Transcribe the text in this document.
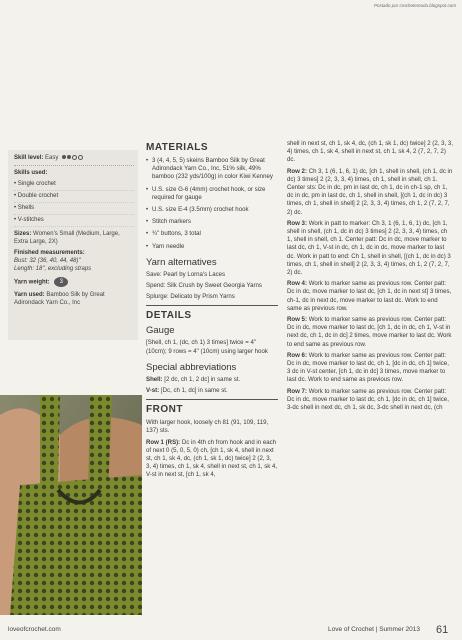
Postado por crochetemoda.blogspot.com
Skill level: Easy
Skills used:
• Single crochet
• Double crochet
• Shells
• V-stitches
Sizes: Women's Small (Medium, Large, Extra Large, 2X)
Finished measurements:
Bust: 32 (36, 40, 44, 48)"
Length: 18", excluding straps
Yarn weight: 3
Yarn used: Bamboo Silk by Great Adirondack Yarn Co., Inc
MATERIALS
• 3 (4, 4, 5, 5) skeins Bamboo Silk by Great Adirondack Yarn Co., Inc, 51% silk, 49% bamboo (232 yds/100g) in color Kiwi Kenney
• U.S. size G-6 (4mm) crochet hook, or size required for gauge
• U.S. size E-4 (3.5mm) crochet hook
• Stitch markers
• ¾" buttons, 3 total
• Yarn needle
Yarn alternatives
Save: Pearl by Lorna's Laces
Spend: Silk Crush by Sweet Georgia Yarns
Splurge: Delicato by Prism Yarns
DETAILS
Gauge
[Shell, ch 1, (dc, ch 1) 3 times] twice = 4" (10cm); 9 rows = 4" (10cm) using larger hook
Special abbreviations
Shell: [2 dc, ch 1, 2 dc] in same st.
V-st: [Dc, ch 1, dc] in same st.
FRONT
With larger hook, loosely ch 81 (91, 109, 119, 137) sts.
Row 1 (RS): Dc in 4th ch from hook and in each of next 0 (5, 0, 5, 0) ch, [ch 1, sk 4, shell in next st, ch 1, sk 4, dc, (ch 1, sk 1, dc) twice] 2 (2, 3, 3, 4) times, ch 1, sk 4, shell in next st, ch 1, sk 4, V-st in next st, [ch 1, sk 4,
shell in next st, ch 1, sk 4, dc, (ch 1, sk 1, dc) twice] 2 (2, 3, 3, 4) times, ch 1, sk 4, shell in next st, ch 1, sk 4, 2 (7, 2, 7, 2) dc.
Row 2: Ch 3, 1 (6, 1, 6, 1) dc, [ch 1, shell in shell, (ch 1, dc in dc) 3 times] 2 (2, 3, 3, 4) times, ch 1, shell in shell, ch 1. Center sts: Dc in dc, pm in last dc, ch 1, dc in ch-1 sp, ch 1, dc in dc, pm in last dc, ch 1, shell in shell, [(ch 1, dc in dc) 3 times, ch 1, shell in shell] 2 (2, 3, 3, 4) times, ch 1, 2 (7, 2, 7, 2) dc.
Row 3: Work in patt to marker: Ch 3, 1 (6, 1, 6, 1) dc, [ch 1, shell in shell, (ch 1, dc in dc) 3 times] 2 (2, 3, 3, 4) times, ch 1, shell in shell, ch 1. Center patt: Dc in dc, move marker to last dc, ch 1, V-st in dc, ch 1, dc in dc, move marker to last dc. Work in patt to end: Ch 1, shell in shell, [(ch 1, dc in dc) 3 times, ch 1, shell in shell] 2 (2, 3, 3, 4) times, ch 1, 2 (7, 2, 7, 2) dc.
Row 4: Work to marker same as previous row. Center patt: Dc in dc, move marker to last dc, [ch 1, dc in next st] 3 times, ch-1, dc in next dc, move marker to last dc. Work to end same as previous row.
Row 5: Work to marker same as previous row. Center patt: Dc in dc, move marker to last dc, [ch 1, dc in dc, ch 1, V-st in next dc, ch 1, dc in dc] 2 times, move marker to last dc. Work to end same as previous row.
Row 6: Work to marker same as previous row. Center patt: Dc in dc, move marker to last dc, ch 1, [dc in dc, ch 1] twice, 3 dc in V-st center, [ch 1, dc in dc] 3 times, move marker to last dc. Work to end same as previous row.
Row 7: Work to marker same as previous row. Center patt: Dc in dc, move marker to last dc, ch 1, [dc in dc, ch 1] twice, 3-dc shell in next dc, ch 1, sk dc, 3-dc shell in next dc, (ch
loveofcrochet.com	Love of Crochet | Summer 2013 61
